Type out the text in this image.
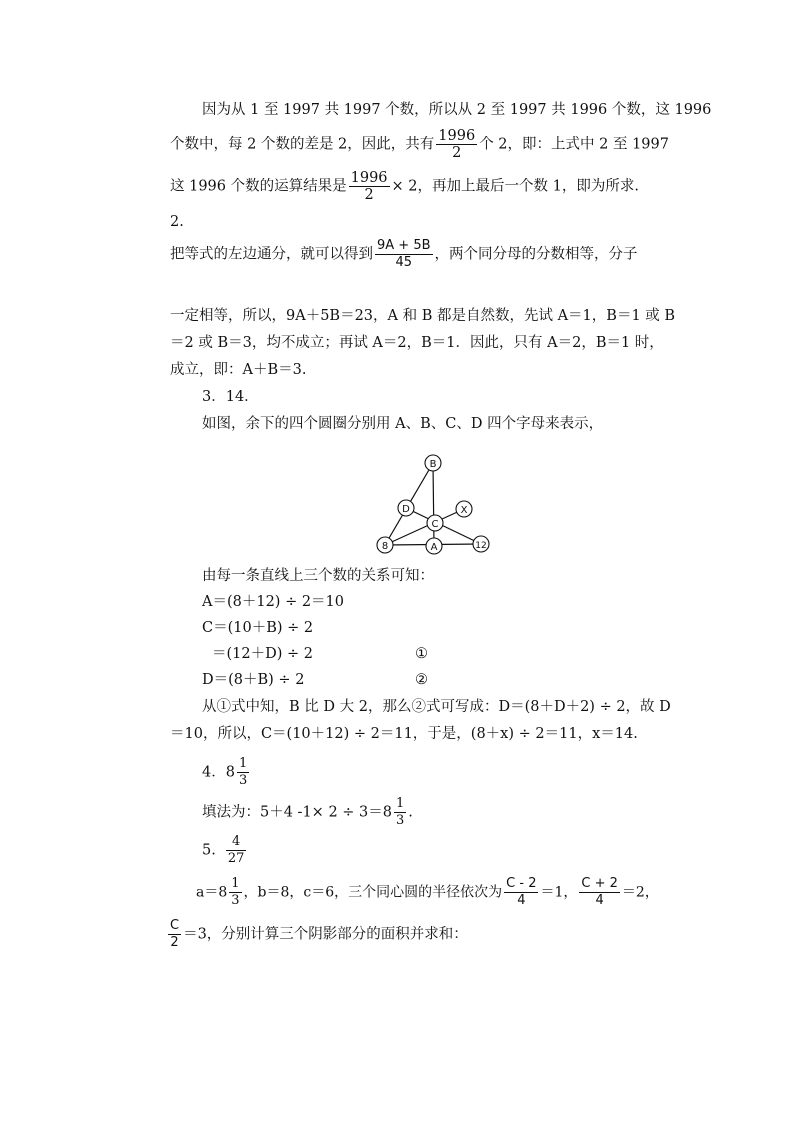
因为从 1 至 1997 共 1997 个数，所以从 2 至 1997 共 1996 个数，这 1996
个数中，每 2 个数的差是 2，因此，共有 $\frac{1996}{2}$ 个 2，即：上式中 2 至 1997
这 1996 个数的运算结果是 $\frac{1996}{2} \times 2$，再加上最后一个数 1，即为所求.
2.
把等式的左边通分，就可以得到 $\frac{9A + 5B}{45}$ ，两个同分母的分数相等，分子
一定相等，所以，9A＋5B＝23，A 和 B 都是自然数，先试 A＝1，B＝1 或 B
＝2 或 B＝3，均不成立；再试 A＝2，B＝1．因此，只有 A＝2，B＝1 时，
成立，即：A＋B＝3.
3．14．
如图，余下的四个圆圈分别用 A、B、C、D 四个字母来表示，
B
D
C
X
8	A	12
由每一条直线上三个数的关系可知：
A＝(8＋12) ÷ 2＝10
C＝(10＋B) ÷ 2
＝(12＋D) ÷ 2	①
D＝(8＋B) ÷ 2	②
从①式中知，B 比 D 大 2，那么②式可写成：D＝(8＋D＋2) ÷ 2，故 D
＝10，所以，C＝(10＋12) ÷ 2＝11，于是，(8＋x) ÷ 2＝11，x＝14.
4．$8 \frac{1}{3}$
填法为：5＋4 $-1\times 2 \div 3=8 \frac{1}{3}$ .
5. $\frac{4}{27}$
$a=8 \frac{1}{3}$ ，b＝8，c＝6，三个同心圆的半径依次为 $\frac{C - 2}{4} =1$， $\frac{C + 2}{4} =2$，
$\frac{C}{2} =3$，分别计算三个阴影部分的面积并求和：
